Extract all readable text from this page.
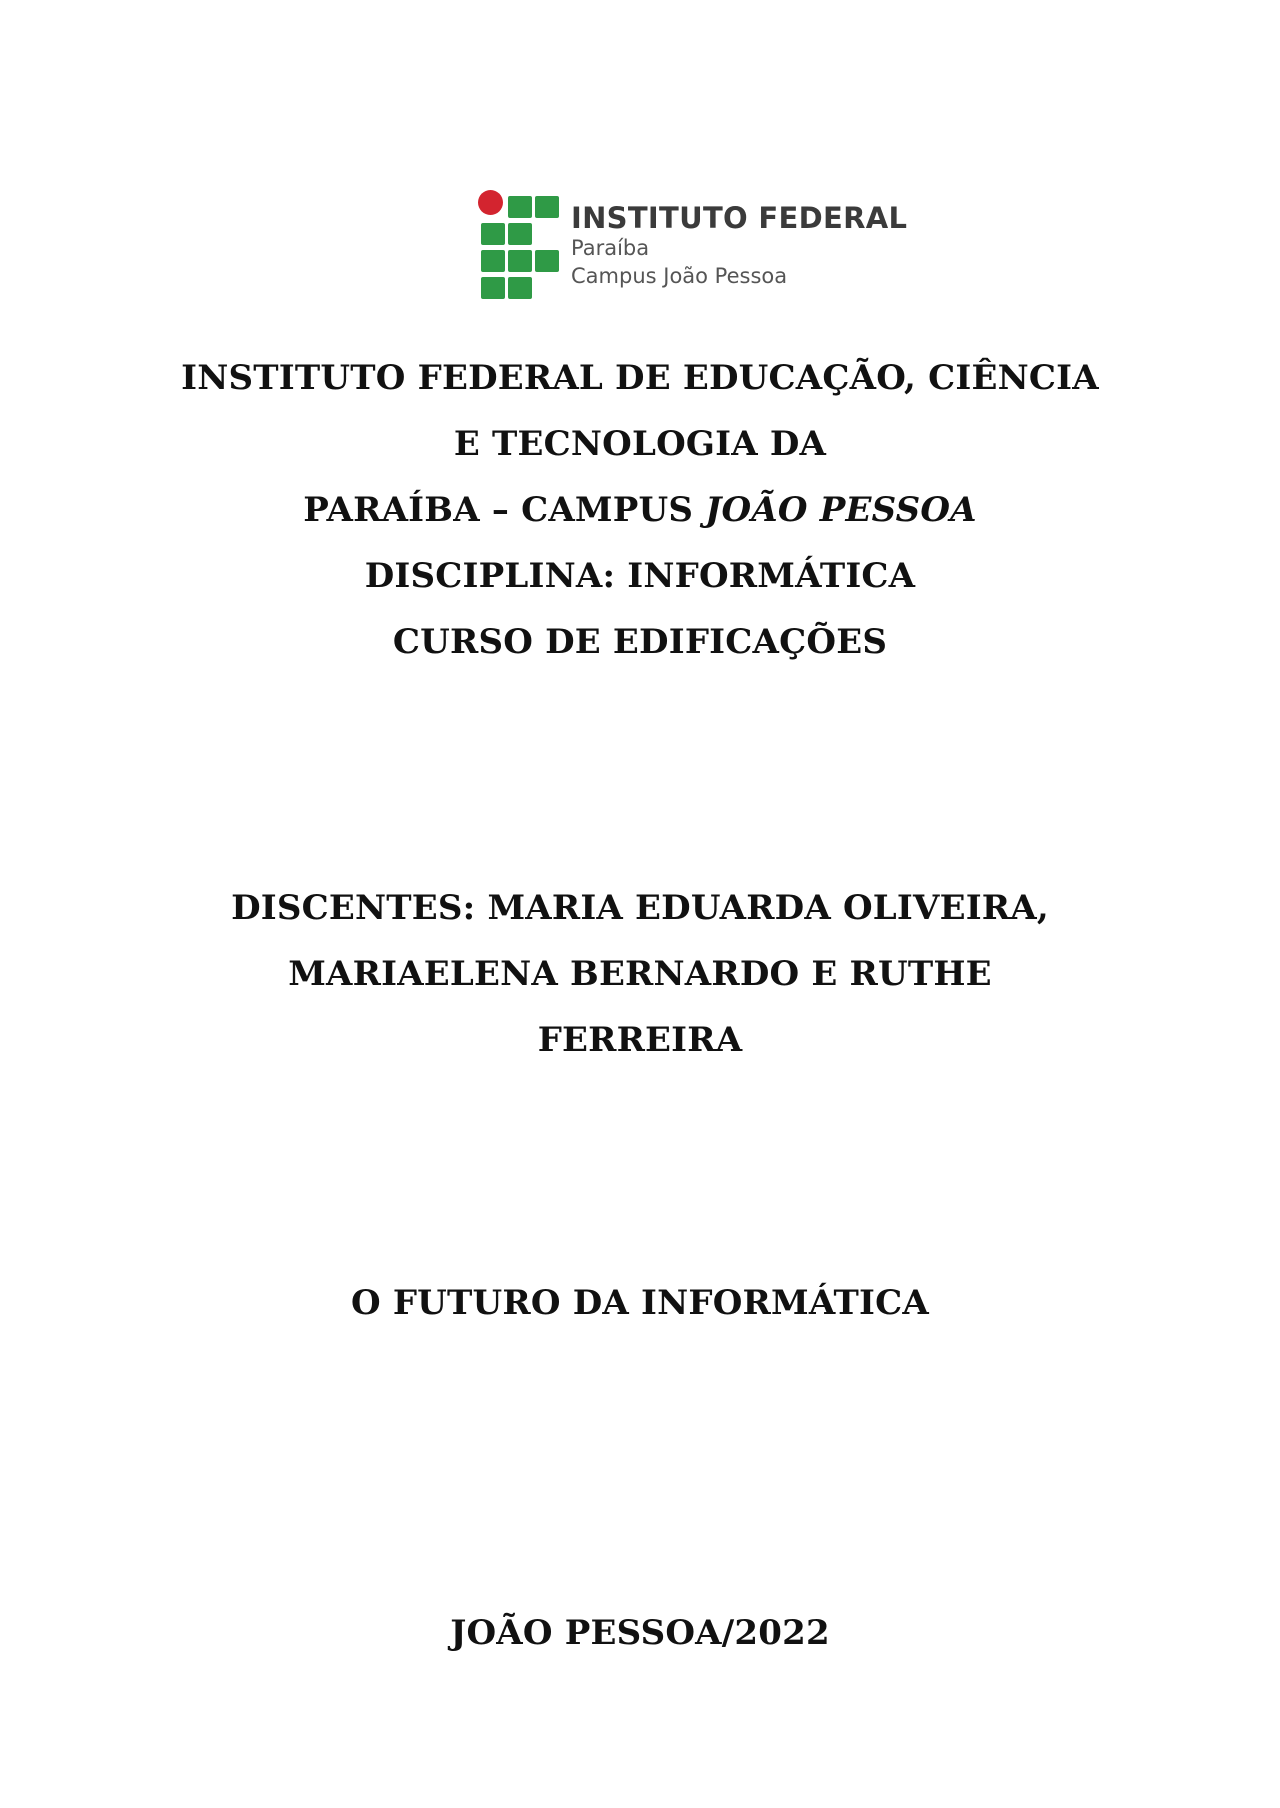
INSTITUTO FEDERAL
Paraíba
Campus João Pessoa
INSTITUTO FEDERAL DE EDUCAÇÃO, CIÊNCIA
E TECNOLOGIA DA
PARAÍBA – CAMPUS JOÃO PESSOA
DISCIPLINA: INFORMÁTICA
CURSO DE EDIFICAÇÕES
DISCENTES: MARIA EDUARDA OLIVEIRA,
MARIAELENA BERNARDO E RUTHE
FERREIRA
O FUTURO DA INFORMÁTICA
JOÃO PESSOA/2022
